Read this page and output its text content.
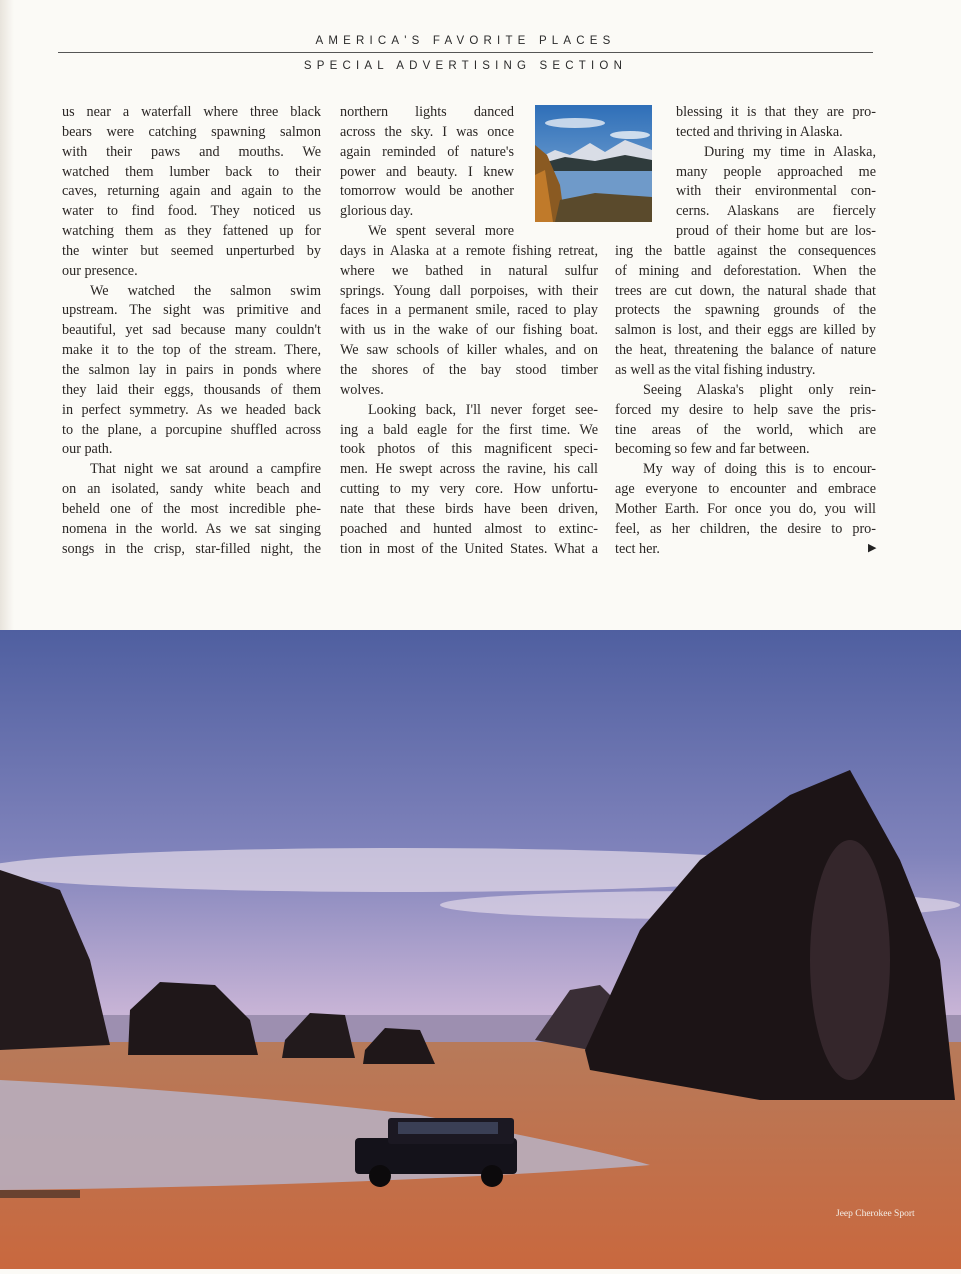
AMERICA'S FAVORITE PLACES
SPECIAL ADVERTISING SECTION
us near a waterfall where three black
bears were catching spawning salmon
with their paws and mouths. We
watched them lumber back to their
caves, returning again and again to the
water to find food. They noticed us
watching them as they fattened up for
the winter but seemed unperturbed by
our presence.
We watched the salmon swim
upstream. The sight was primitive and
beautiful, yet sad because many couldn't
make it to the top of the stream. There,
the salmon lay in pairs in ponds where
they laid their eggs, thousands of them
in perfect symmetry. As we headed back
to the plane, a porcupine shuffled across
our path.
That night we sat around a campfire
on an isolated, sandy white beach and
beheld one of the most incredible phe-
nomena in the world. As we sat singing
songs in the crisp, star-filled night, the
northern lights danced
across the sky. I was once
again reminded of nature's
power and beauty. I knew
tomorrow would be another
glorious day.
We spent several more
days in Alaska at a remote fishing retreat,
where we bathed in natural sulfur
springs. Young dall porpoises, with their
faces in a permanent smile, raced to play
with us in the wake of our fishing boat.
We saw schools of killer whales, and on
the shores of the bay stood timber
wolves.
Looking back, I'll never forget see-
ing a bald eagle for the first time. We
took photos of this magnificent speci-
men. He swept across the ravine, his call
cutting to my very core. How unfortu-
nate that these birds have been driven,
poached and hunted almost to extinc-
tion in most of the United States. What a
blessing it is that they are pro-
tected and thriving in Alaska.
During my time in Alaska,
many people approached me
with their environmental con-
cerns. Alaskans are fiercely
proud of their home but are los-
ing the battle against the consequences
of mining and deforestation. When the
trees are cut down, the natural shade that
protects the spawning grounds of the
salmon is lost, and their eggs are killed by
the heat, threatening the balance of nature
as well as the vital fishing industry.
Seeing Alaska's plight only rein-
forced my desire to help save the pris-
tine areas of the world, which are
becoming so few and far between.
My way of doing this is to encour-
age everyone to encounter and embrace
Mother Earth. For once you do, you will
feel, as her children, the desire to pro-
tect her.	▶
Jeep Cherokee Sport
